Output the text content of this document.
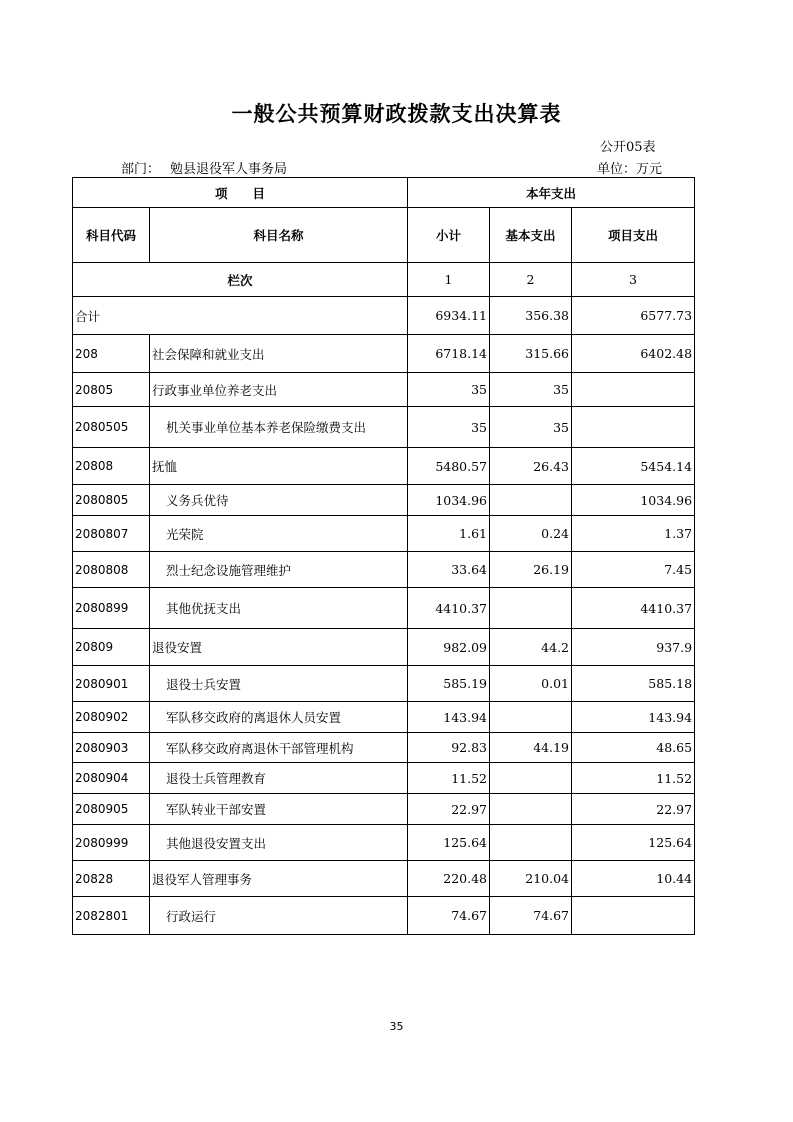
一般公共预算财政拨款支出决算表
公开05表
部门： 勉县退役军人事务局	单位：万元
项　　目		本年支出		
科目代码	科目名称	小计	基本支出	项目支出
栏次		1	2	3
合计		6934.11	356.38	6577.73
208	社会保障和就业支出	6718.14	315.66	6402.48
20805	行政事业单位养老支出	35	35	
2080505	机关事业单位基本养老保险缴费支出	35	35	
20808	抚恤	5480.57	26.43	5454.14
2080805	义务兵优待	1034.96		1034.96
2080807	光荣院	1.61	0.24	1.37
2080808	烈士纪念设施管理维护	33.64	26.19	7.45
2080899	其他优抚支出	4410.37		4410.37
20809	退役安置	982.09	44.2	937.9
2080901	退役士兵安置	585.19	0.01	585.18
2080902	军队移交政府的离退休人员安置	143.94		143.94
2080903	军队移交政府离退休干部管理机构	92.83	44.19	48.65
2080904	退役士兵管理教育	11.52		11.52
2080905	军队转业干部安置	22.97		22.97
2080999	其他退役安置支出	125.64		125.64
20828	退役军人管理事务	220.48	210.04	10.44
2082801	行政运行	74.67	74.67	
35
